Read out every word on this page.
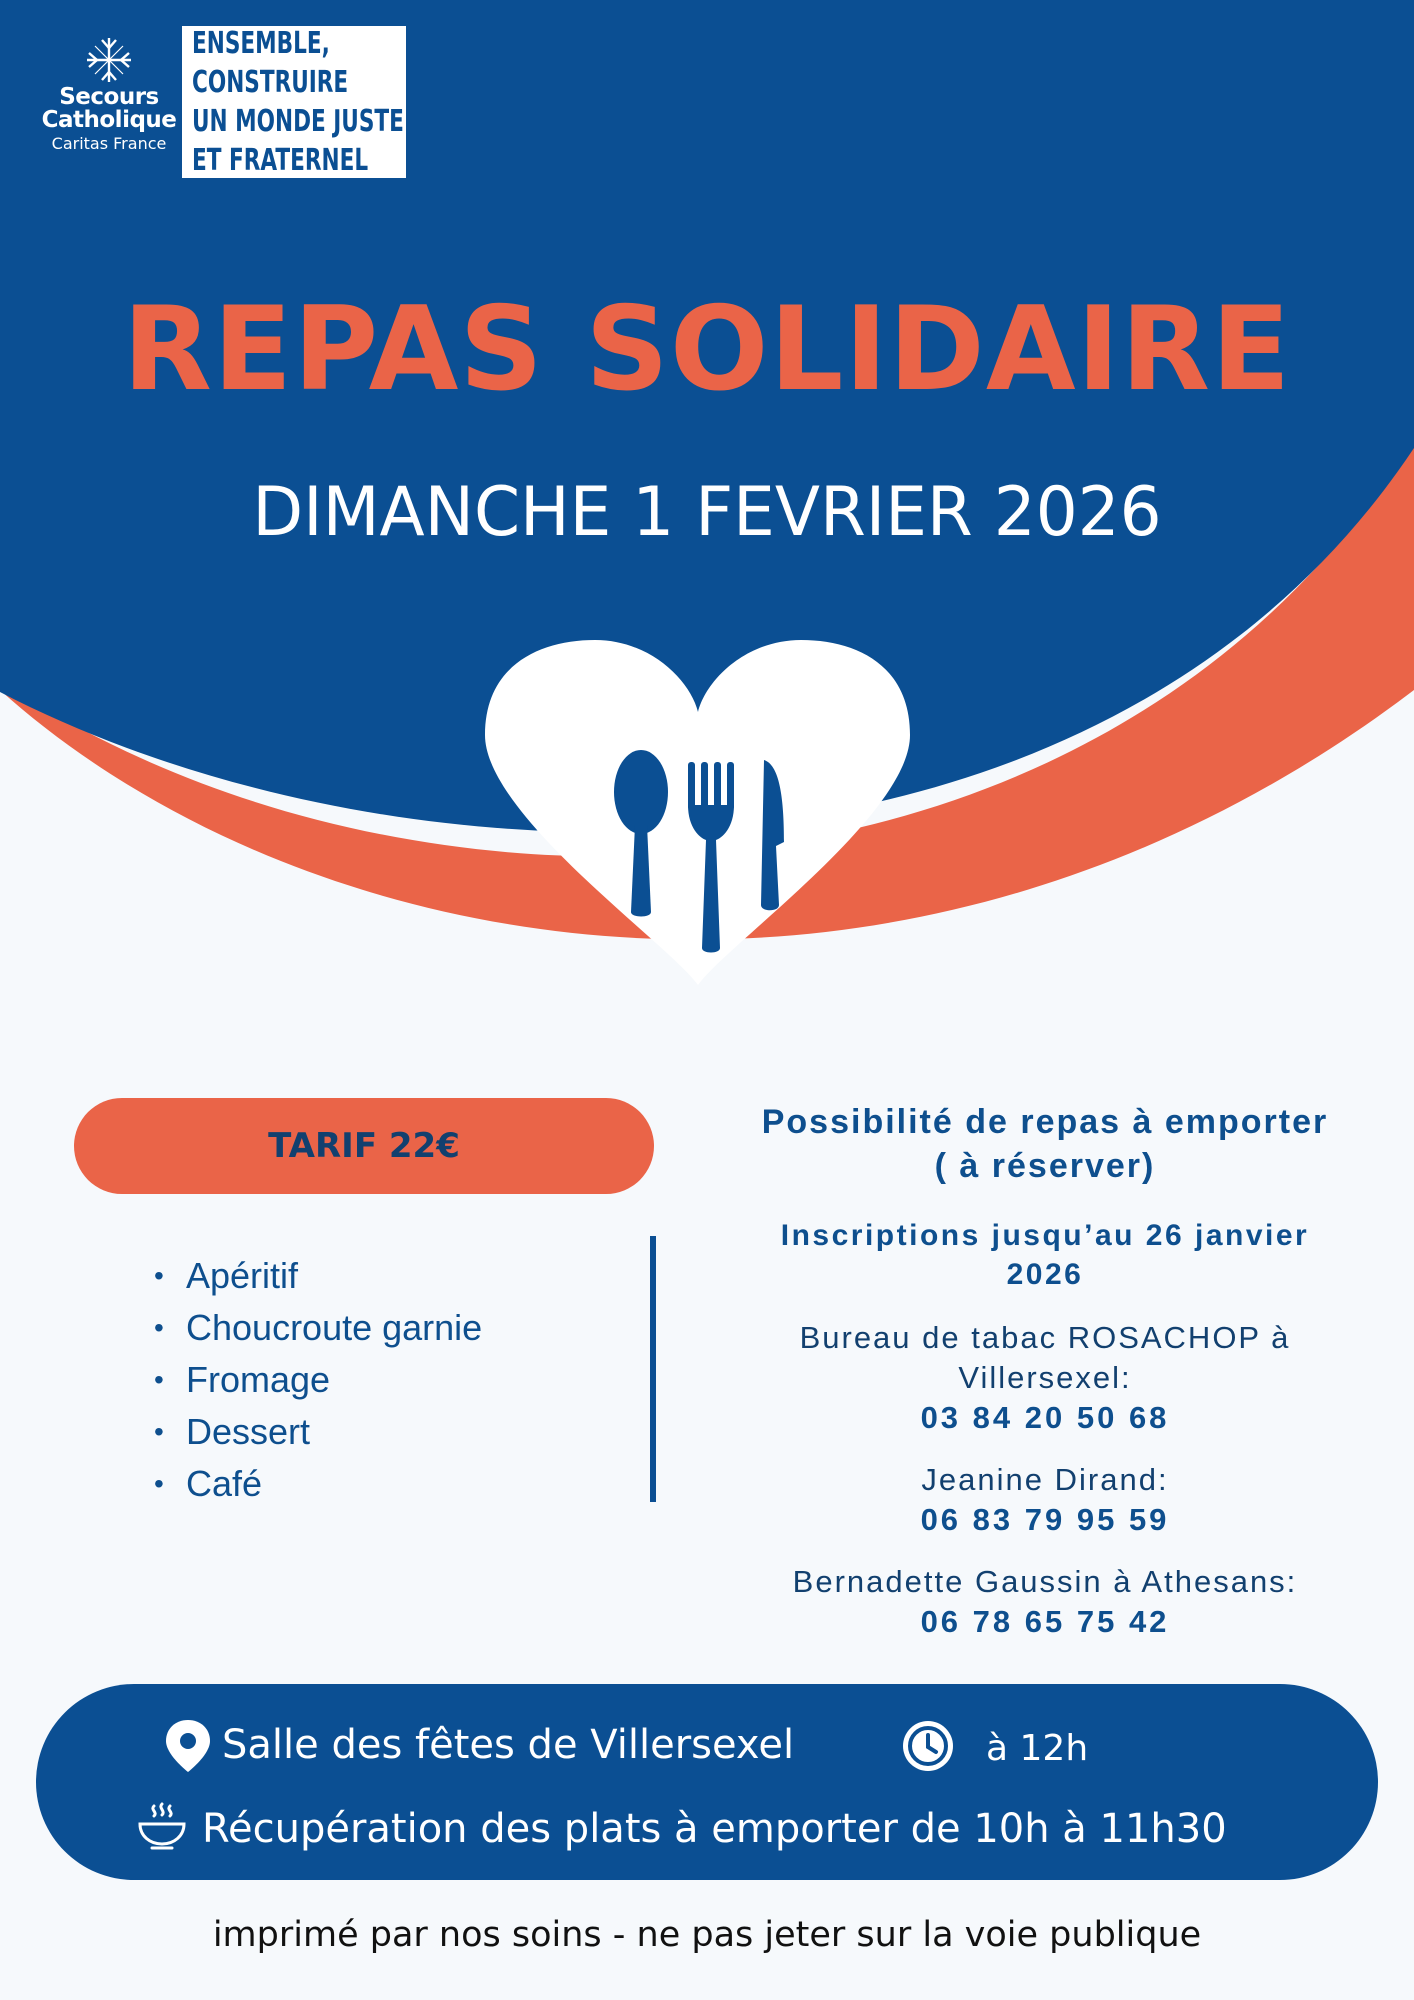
Secours
Catholique
Caritas France
ENSEMBLE,
CONSTRUIRE
UN MONDE JUSTE
ET FRATERNEL
REPAS SOLIDAIRE
DIMANCHE 1 FEVRIER 2026
TARIF 22€
• Apéritif
• Choucroute garnie
• Fromage
• Dessert
• Café
Possibilité de repas à emporter
( à réserver)
Inscriptions jusqu’au 26 janvier
2026
Bureau de tabac ROSACHOP à
Villersexel:
03 84 20 50 68
Jeanine Dirand:
06 83 79 95 59
Bernadette Gaussin à Athesans:
06 78 65 75 42
Salle des fêtes de Villersexel	à 12h
Récupération des plats à emporter de 10h à 11h30
imprimé par nos soins - ne pas jeter sur la voie publique
